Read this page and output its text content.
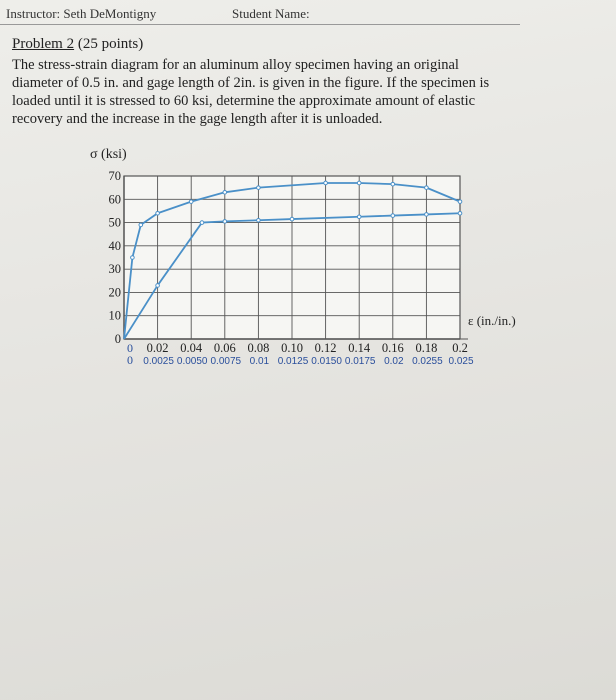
Instructor: Seth DeMontigny	Student Name:
Problem 2 (25 points)
The stress-strain diagram for an aluminum alloy specimen having an original
diameter of 0.5 in. and gage length of 2in. is given in the figure. If the specimen is
loaded until it is stressed to 60 ksi, determine the approximate amount of elastic
recovery and the increase in the gage length after it is unloaded.
σ (ksi)
ε (in./in.)
0
10
20
30
40
50
60
70
0 0.02 0.04 0.06 0.08 0.10 0.12 0.14 0.16 0.18 0.2
0 0.0025 0.0050 0.0075 0.01 0.0125 0.0150 0.0175 0.02 0.0255 0.025
